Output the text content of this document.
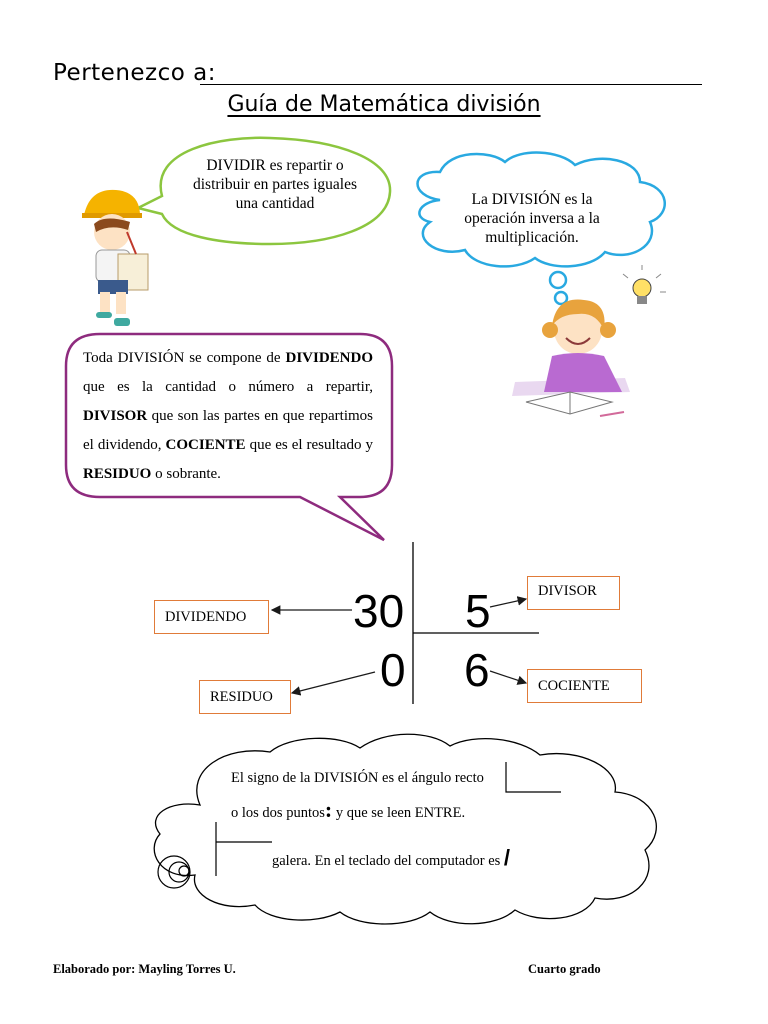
Pertenezco a:
Guía de Matemática división
DIVIDIR es repartir o distribuir en partes iguales una cantidad	La DIVISIÓN es la operación inversa a la multiplicación.
Toda DIVISIÓN se compone de DIVIDENDO que es la cantidad o número a repartir, DIVISOR que son las partes en que repartimos el dividendo, COCIENTE que es el resultado y RESIDUO o sobrante.
30 5
0 6
DIVIDENDO
DIVISOR
RESIDUO
COCIENTE
El signo de la DIVISIÓN es el ángulo recto
o los dos puntos: y que se leen ENTRE.
galera. En el teclado del computador es /
Elaborado por: Mayling Torres U.	Cuarto grado
